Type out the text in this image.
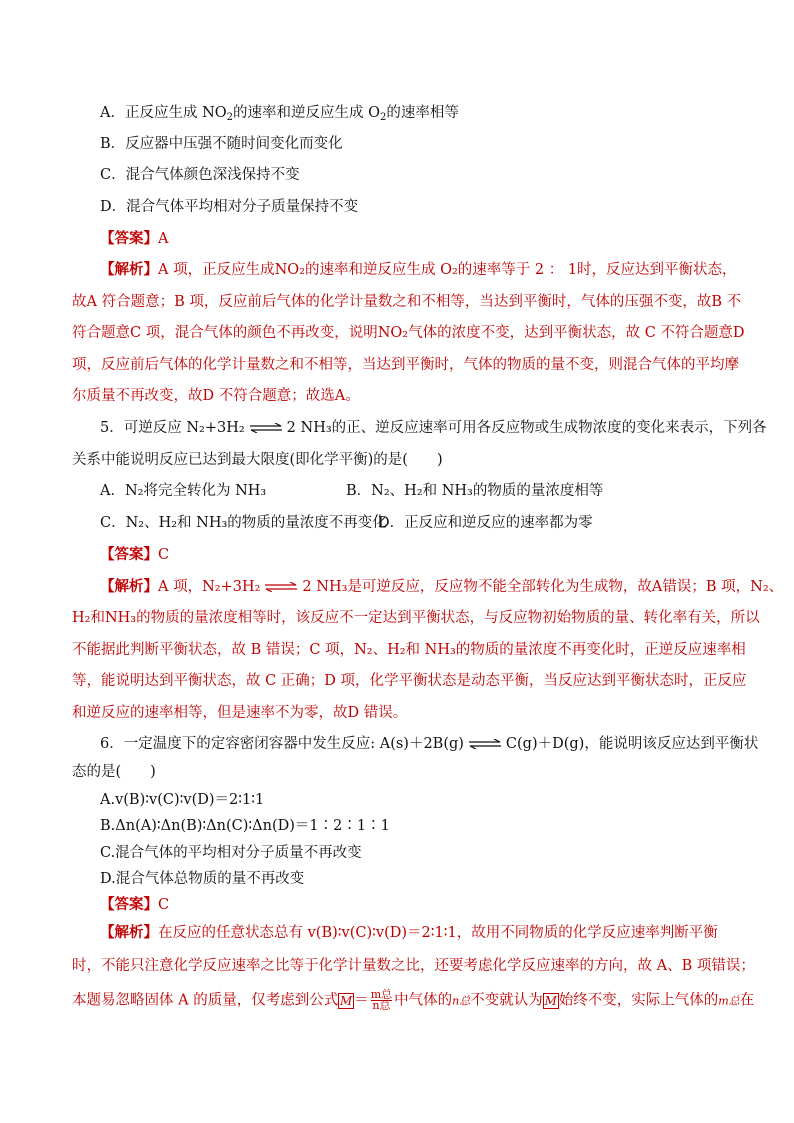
A．正反应生成 $NO_2$的速率和逆反应生成 $O_2$的速率相等
B．反应器中压强不随时间变化而变化
C．混合气体颜色深浅保持不变
D．混合气体平均相对分子质量保持不变
【答案】A
【解析】A 项，正反应生成NO₂的速率和逆反应生成 O₂的速率等于 2 ： 1时，反应达到平衡状态，
故A 符合题意；B 项，反应前后气体的化学计量数之和不相等，当达到平衡时，气体的压强不变，故B 不
符合题意C 项，混合气体的颜色不再改变，说明NO₂气体的浓度不变，达到平衡状态，故 C 不符合题意D
项，反应前后气体的化学计量数之和不相等，当达到平衡时，气体的物质的量不变，则混合气体的平均摩
尔质量不再改变，故D 不符合题意；故选A。
5．可逆反应 N₂+3H₂ ⇌ 2 NH₃的正、逆反应速率可用各反应物或生成物浓度的变化来表示，下列各
关系中能说明反应已达到最大限度(即化学平衡)的是(　　)
A．N₂将完全转化为 NH₃	B．N₂、H₂和 NH₃的物质的量浓度相等
C．N₂、H₂和 NH₃的物质的量浓度不再变化
D．正反应和逆反应的速率都为零
【答案】C
【解析】A 项，N₂+3H₂ ⇌ 2 NH₃是可逆反应，反应物不能全部转化为生成物，故A错误；B 项，N₂、
H₂和NH₃的物质的量浓度相等时，该反应不一定达到平衡状态，与反应物初始物质的量、转化率有关，所以
不能据此判断平衡状态，故 B 错误；C 项，N₂、H₂和 NH₃的物质的量浓度不再变化时，正逆反应速率相
等，能说明达到平衡状态，故 C 正确；D 项，化学平衡状态是动态平衡，当反应达到平衡状态时，正反应
和逆反应的速率相等，但是速率不为零，故D 错误。
6．一定温度下的定容密闭容器中发生反应: A(s)＋2B(g) ⇌ C(g)＋D(g)，能说明该反应达到平衡状
态的是(　　)
A.v(B)∶v(C)∶v(D)＝2∶1∶1
B.Δn(A)∶Δn(B)∶Δn(C)∶Δn(D)＝1∶2∶1∶1
C.混合气体的平均相对分子质量不再改变
D.混合气体总物质的量不再改变
【答案】C
【解析】在反应的任意状态总有 v(B)∶v(C)∶v(D)＝2∶1∶1，故用不同物质的化学反应速率判断平衡
时，不能只注意化学反应速率之比等于化学计量数之比，还要考虑化学反应速率的方向，故 A、B 项错误；
本题易忽略固体 A 的质量，仅考虑到公式 $M = \frac{\text{m总}}{\text{n总}}$ 中气体的n总不变就认为 M 始终不变，实际上气体的m总在
